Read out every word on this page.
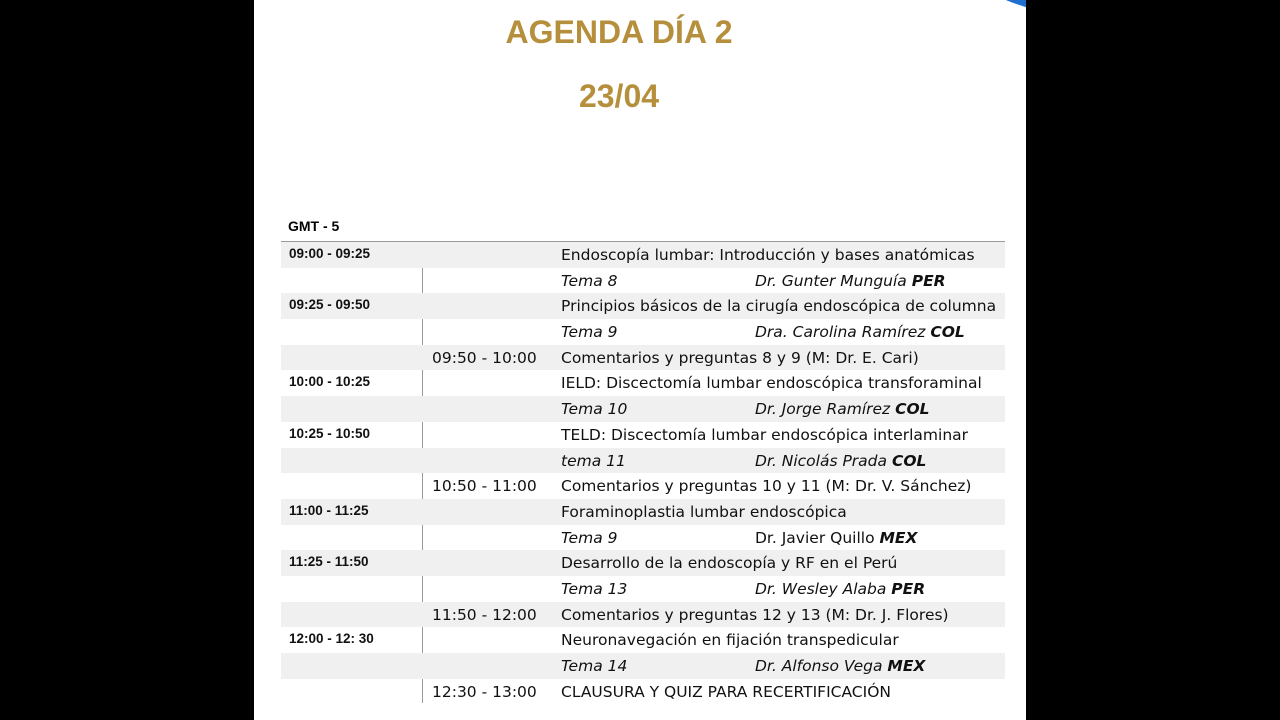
AGENDA DÍA 2
23/04
GMT - 5
09:00 - 09:25	Endoscopía lumbar: Introducción y bases anatómicas
Tema 8	Dr. Gunter Munguía PER
09:25 - 09:50	Principios básicos de la cirugía endoscópica de columna
Tema 9	Dra. Carolina Ramírez COL
09:50 - 10:00 Comentarios y preguntas 8 y 9 (M: Dr. E. Cari)
10:00 - 10:25	IELD: Discectomía lumbar endoscópica transforaminal
Tema 10	Dr. Jorge Ramírez COL
10:25 - 10:50	TELD: Discectomía lumbar endoscópica interlaminar
tema 11	Dr. Nicolás Prada COL
10:50 - 11:00 Comentarios y preguntas 10 y 11 (M: Dr. V. Sánchez)
11:00 - 11:25	Foraminoplastia lumbar endoscópica
Tema 9	Dr. Javier Quillo MEX
11:25 - 11:50	Desarrollo de la endoscopía y RF en el Perú
Tema 13	Dr. Wesley Alaba PER
11:50 - 12:00 Comentarios y preguntas 12 y 13 (M: Dr. J. Flores)
12:00 - 12: 30	Neuronavegación en fijación transpedicular
Tema 14	Dr. Alfonso Vega MEX
12:30 - 13:00 CLAUSURA Y QUIZ PARA RECERTIFICACIÓN
